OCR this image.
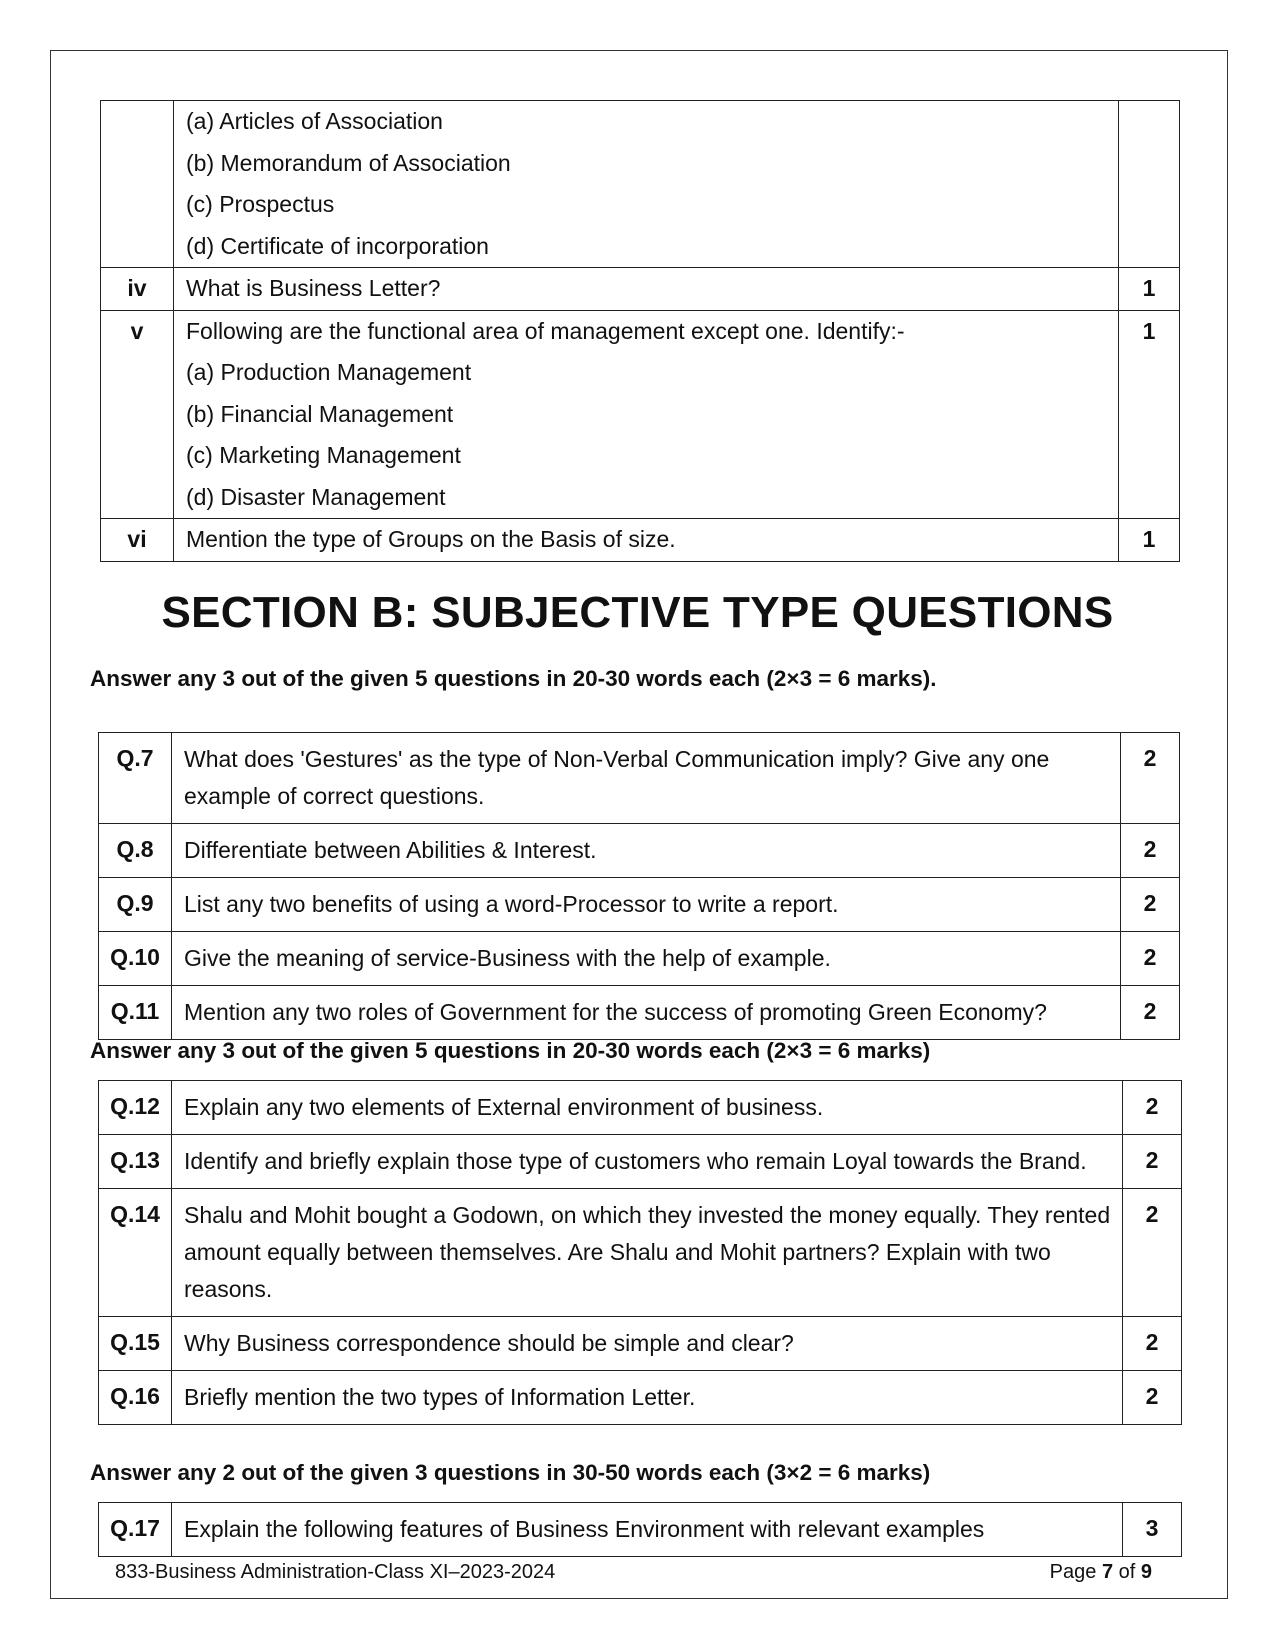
	(a) Articles of Association
(b) Memorandum of Association
(c) Prospectus
(d) Certificate of incorporation	

iv	What is Business Letter?	1
v	Following are the functional area of management except one. Identify:-
(a) Production Management
(b) Financial Management
(c) Marketing Management
(d) Disaster Management	1
vi	Mention the type of Groups on the Basis of size.	1
SECTION B: SUBJECTIVE TYPE QUESTIONS

Answer any 3 out of the given 5 questions in 20-30 words each (2×3 = 6 marks).

Q.7	What does 'Gestures' as the type of Non-Verbal Communication imply? Give any one example of correct questions.	2
Q.8	Differentiate between Abilities & Interest.	2
Q.9	List any two benefits of using a word-Processor to write a report.	2
Q.10	Give the meaning of service-Business with the help of example.	2
Q.11	Mention any two roles of Government for the success of promoting Green Economy?	2

Answer any 3 out of the given 5 questions in 20-30 words each (2×3 = 6 marks)

Q.12	Explain any two elements of External environment of business.	2
Q.13	Identify and briefly explain those type of customers who remain Loyal towards the Brand.	2
Q.14	Shalu and Mohit bought a Godown, on which they invested the money equally. They rented amount equally between themselves. Are Shalu and Mohit partners? Explain with two reasons.	2
Q.15	Why Business correspondence should be simple and clear?	2
Q.16	Briefly mention the two types of Information Letter.	2

Answer any 2 out of the given 3 questions in 30-50 words each (3×2 = 6 marks)

Q.17	Explain the following features of Business Environment with relevant examples	3
833-Business Administration-Class XI–2023-2024	Page 7 of 9
